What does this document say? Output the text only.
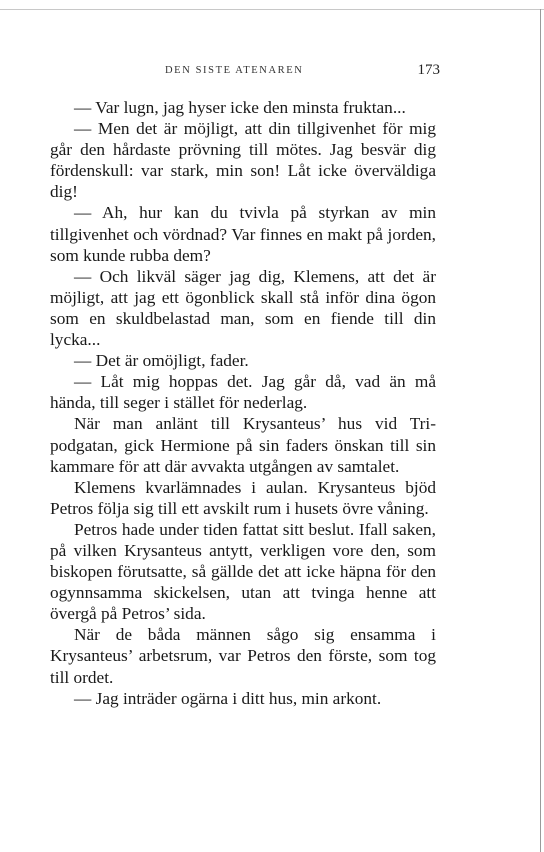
DEN SISTE ATENAREN	173

— Var lugn, jag hyser icke den minsta fruktan...

— Men det är möjligt, att din tillgivenhet för mig går den hårdaste prövning till mötes. Jag besvär dig fördenskull: var stark, min son! Låt icke överväldiga dig!

— Ah, hur kan du tvivla på styrkan av min tillgivenhet och vördnad? Var finnes en makt på jorden, som kunde rubba dem?

— Och likväl säger jag dig, Klemens, att det är möjligt, att jag ett ögonblick skall stå inför dina ögon som en skuldbelastad man, som en fiende till din lycka...

— Det är omöjligt, fader.

— Låt mig hoppas det. Jag går då, vad än må hända, till seger i stället för nederlag.

När man anlänt till Krysanteus’ hus vid Tripodgatan, gick Hermione på sin faders önskan till sin kammare för att där avvakta utgången av samtalet.

Klemens kvarlämnades i aulan. Krysanteus bjöd Petros följa sig till ett avskilt rum i husets övre våning.

Petros hade under tiden fattat sitt beslut. Ifall saken, på vilken Krysanteus antytt, verkligen vore den, som biskopen förutsatte, så gällde det att icke häpna för den ogynnsamma skickelsen, utan att tvinga henne att övergå på Petros’ sida.

När de båda männen sågo sig ensamma i Krysanteus’ arbetsrum, var Petros den förste, som tog till ordet.

— Jag inträder ogärna i ditt hus, min arkont.
